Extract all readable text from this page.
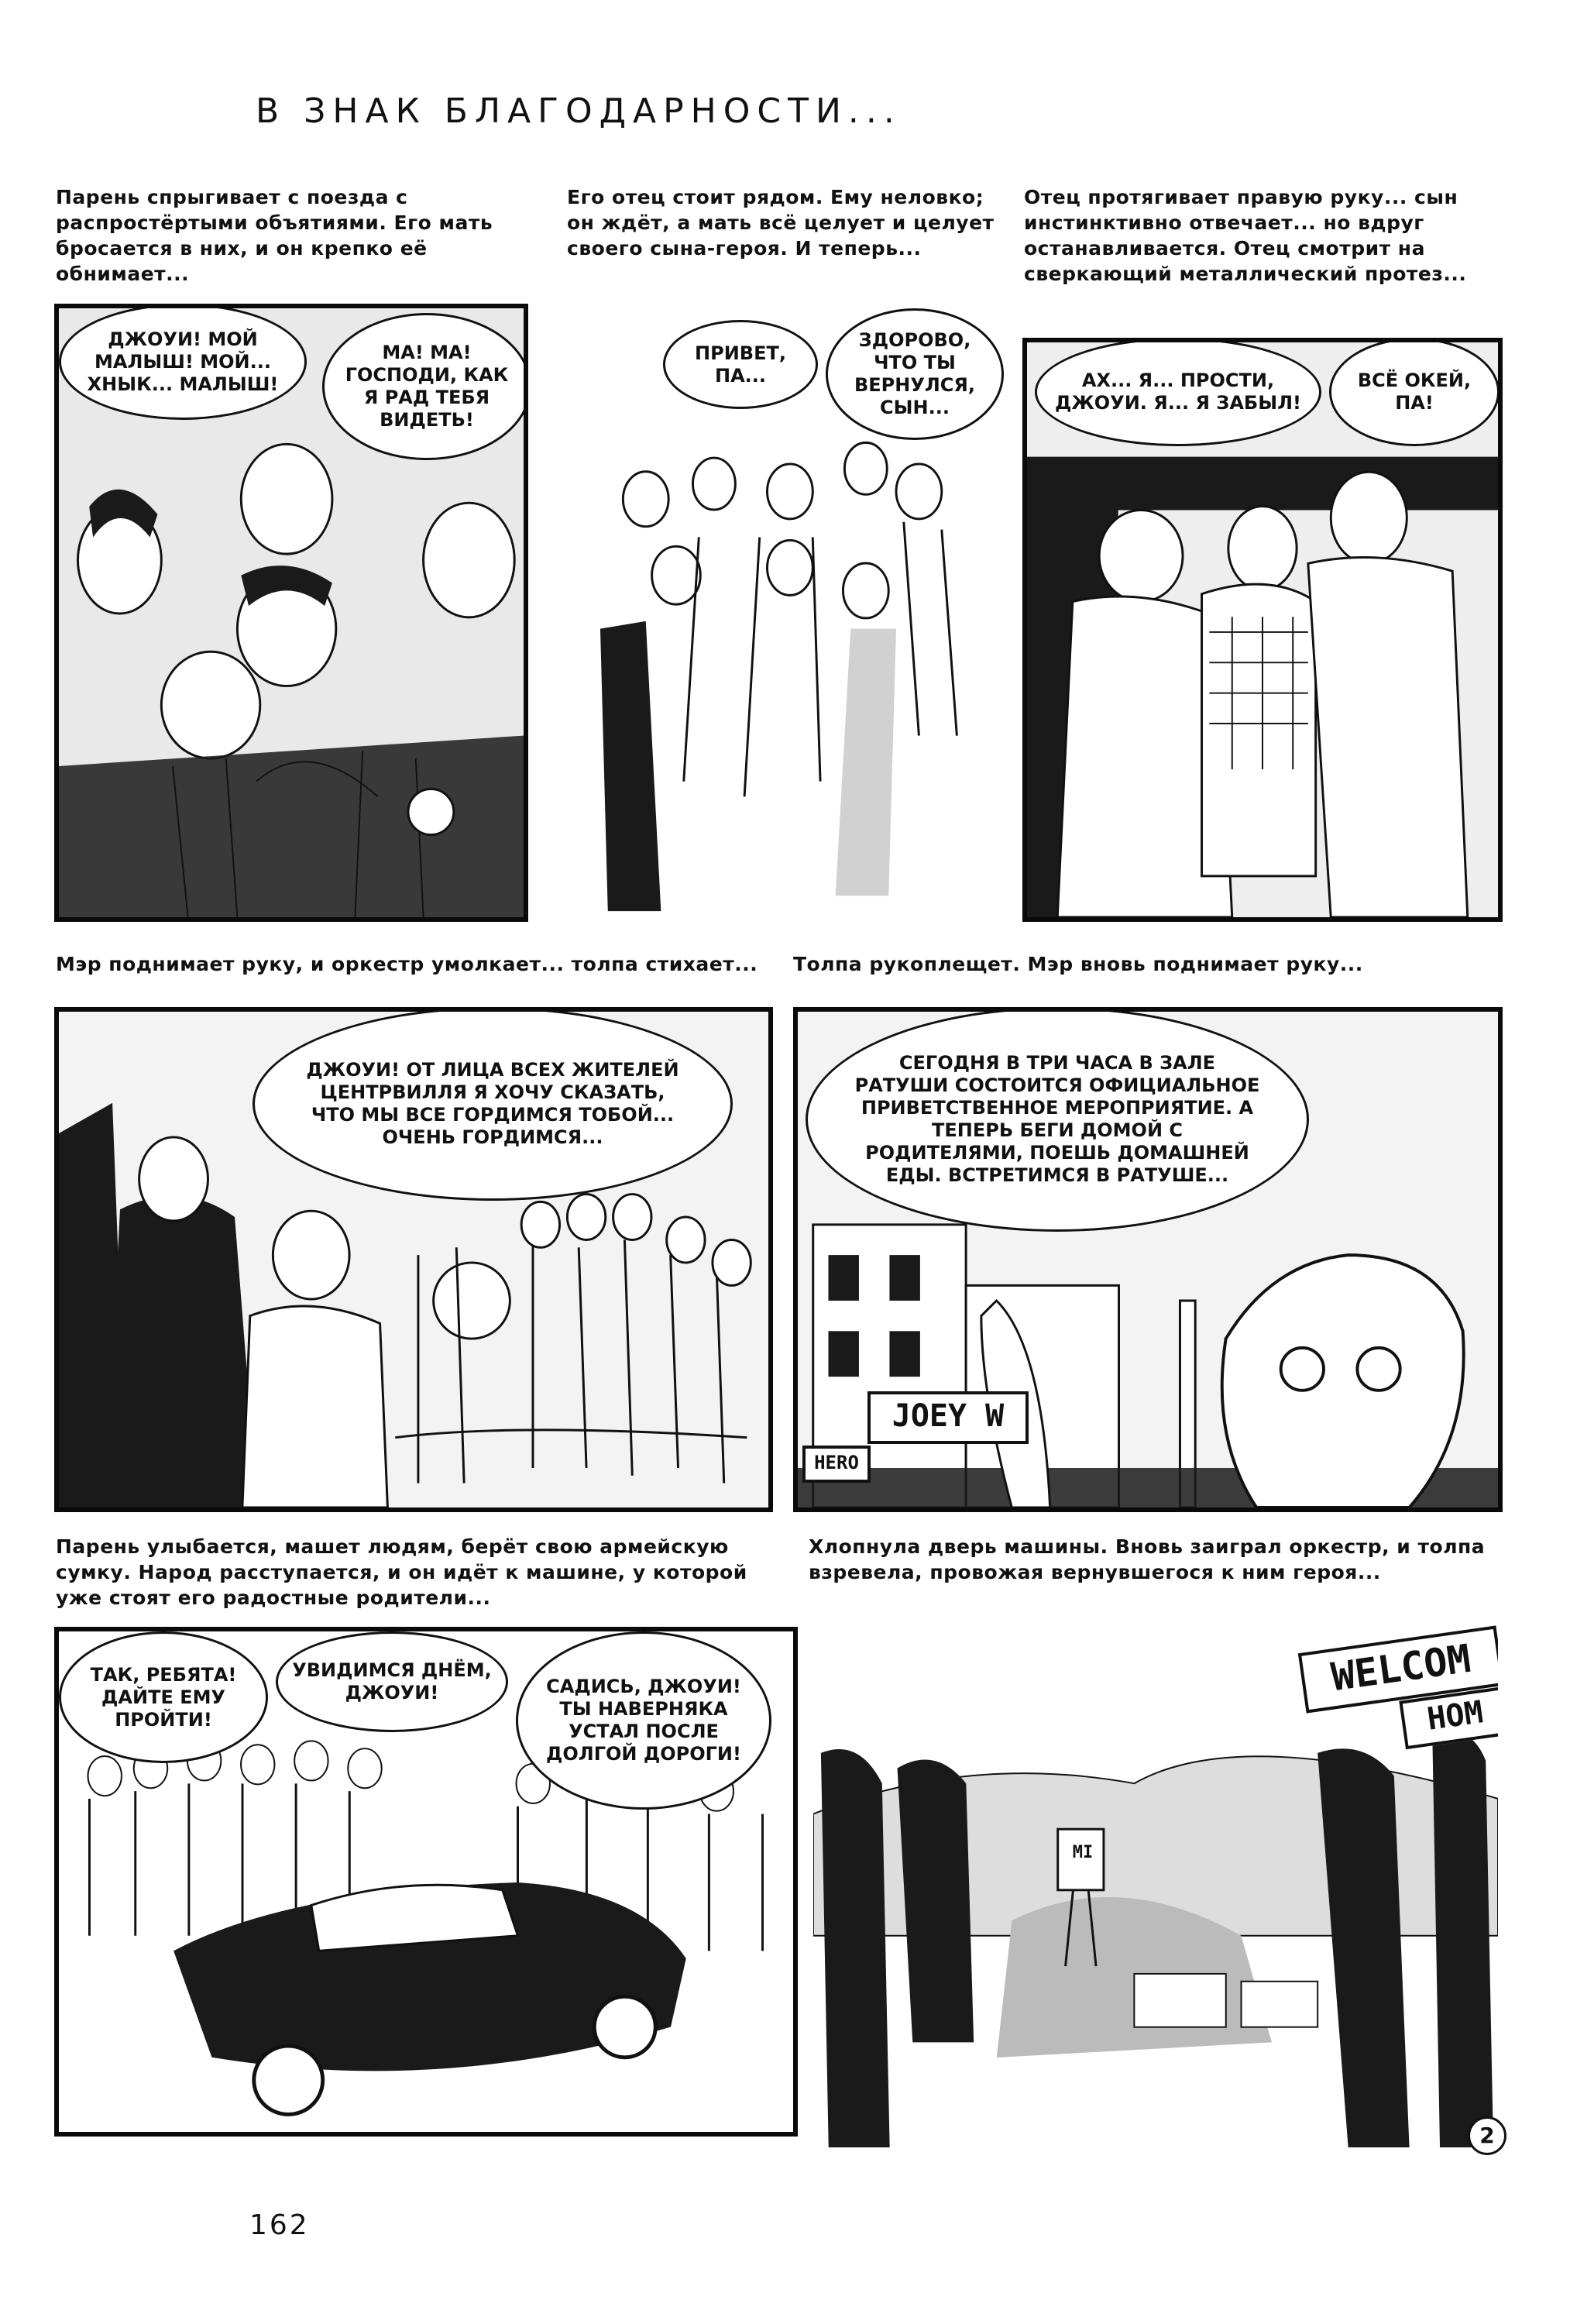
В ЗНАК БЛАГОДАРНОСТИ...
Парень спрыгивает с поезда с распростёртыми объятиями. Его мать бросается в них, и он крепко её обнимает...
Его отец стоит рядом. Ему неловко; он ждёт, а мать всё целует и целует своего сына-героя. И теперь...
Отец протягивает правую руку... сын инстинктивно отвечает... но вдруг останавливается. Отец смотрит на сверкающий металлический протез...
ДЖОУИ! МОЙ МАЛЫШ! МОЙ... ХНЫК... МАЛЫШ!
МА! МА! ГОСПОДИ, КАК Я РАД ТЕБЯ ВИДЕТЬ!
ПРИВЕТ, ПА...
ЗДОРОВО, ЧТО ТЫ ВЕРНУЛСЯ, СЫН...
АХ... Я... ПРОСТИ, ДЖОУИ. Я... Я ЗАБЫЛ!
ВСЁ ОКЕЙ, ПА!
Мэр поднимает руку, и оркестр умолкает... толпа стихает...	Толпа рукоплещет. Мэр вновь поднимает руку...
ДЖОУИ! ОТ ЛИЦА ВСЕХ ЖИТЕЛЕЙ ЦЕНТРВИЛЛЯ Я ХОЧУ СКАЗАТЬ, ЧТО МЫ ВСЕ ГОРДИМСЯ ТОБОЙ... ОЧЕНЬ ГОРДИМСЯ...
JOEY W
HERO
СЕГОДНЯ В ТРИ ЧАСА В ЗАЛЕ РАТУШИ СОСТОИТСЯ ОФИЦИАЛЬНОЕ ПРИВЕТСТВЕННОЕ МЕРОПРИЯТИЕ. А ТЕПЕРЬ БЕГИ ДОМОЙ С РОДИТЕЛЯМИ, ПОЕШЬ ДОМАШНЕЙ ЕДЫ. ВСТРЕТИМСЯ В РАТУШЕ...
Парень улыбается, машет людям, берёт свою армейскую сумку. Народ расступается, и он идёт к машине, у которой уже стоят его радостные родители...
Хлопнула дверь машины. Вновь заиграл оркестр, и толпа взревела, провожая вернувшегося к ним героя...
ТАК, РЕБЯТА! ДАЙТЕ ЕМУ ПРОЙТИ!
УВИДИМСЯ ДНЁМ, ДЖОУИ!	САДИСЬ, ДЖОУИ! ТЫ НАВЕРНЯКА УСТАЛ ПОСЛЕ ДОЛГОЙ ДОРОГИ!
WELCOM
HOM
MI
2
162
